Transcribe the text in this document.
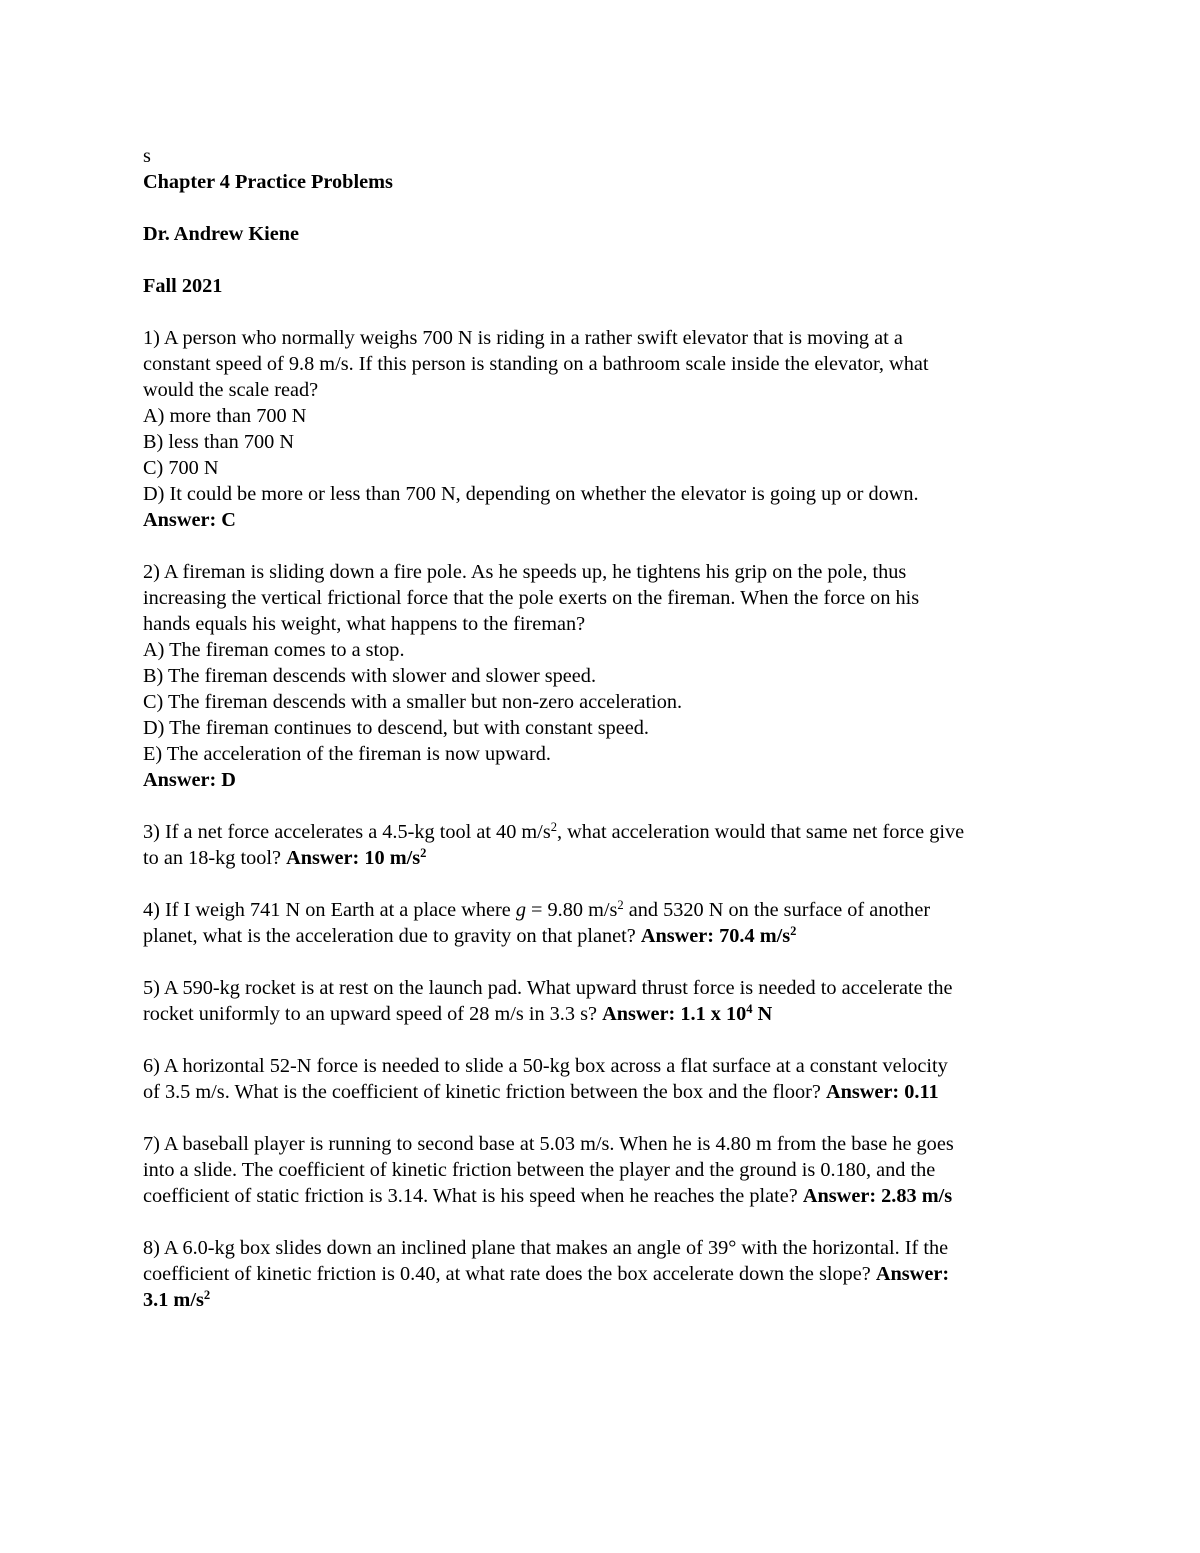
s
Chapter 4 Practice Problems
Dr. Andrew Kiene
Fall 2021
1) A person who normally weighs 700 N is riding in a rather swift elevator that is moving at a
constant speed of 9.8 m/s. If this person is standing on a bathroom scale inside the elevator, what
would the scale read?
A) more than 700 N
B) less than 700 N
C) 700 N
D) It could be more or less than 700 N, depending on whether the elevator is going up or down.
Answer: C
2) A fireman is sliding down a fire pole. As he speeds up, he tightens his grip on the pole, thus
increasing the vertical frictional force that the pole exerts on the fireman. When the force on his
hands equals his weight, what happens to the fireman?
A) The fireman comes to a stop.
B) The fireman descends with slower and slower speed.
C) The fireman descends with a smaller but non-zero acceleration.
D) The fireman continues to descend, but with constant speed.
E) The acceleration of the fireman is now upward.
Answer: D
3) If a net force accelerates a 4.5-kg tool at 40 $m/s^2$, what acceleration would that same net force give
to an 18-kg tool? Answer: 10 $m/s^2$
4) If I weigh 741 N on Earth at a place where g = 9.80 $m/s^2$ and 5320 N on the surface of another
planet, what is the acceleration due to gravity on that planet? Answer: 70.4 $m/s^2$
5) A 590-kg rocket is at rest on the launch pad. What upward thrust force is needed to accelerate the
rocket uniformly to an upward speed of 28 m/s in 3.3 s? Answer: 1.1 x $10^4$ N
6) A horizontal 52-N force is needed to slide a 50-kg box across a flat surface at a constant velocity
of 3.5 m/s. What is the coefficient of kinetic friction between the box and the floor? Answer: 0.11
7) A baseball player is running to second base at 5.03 m/s. When he is 4.80 m from the base he goes
into a slide. The coefficient of kinetic friction between the player and the ground is 0.180, and the
coefficient of static friction is 3.14. What is his speed when he reaches the plate? Answer: 2.83 m/s
8) A 6.0-kg box slides down an inclined plane that makes an angle of 39° with the horizontal. If the
coefficient of kinetic friction is 0.40, at what rate does the box accelerate down the slope? Answer:
3.1 $m/s^2$
